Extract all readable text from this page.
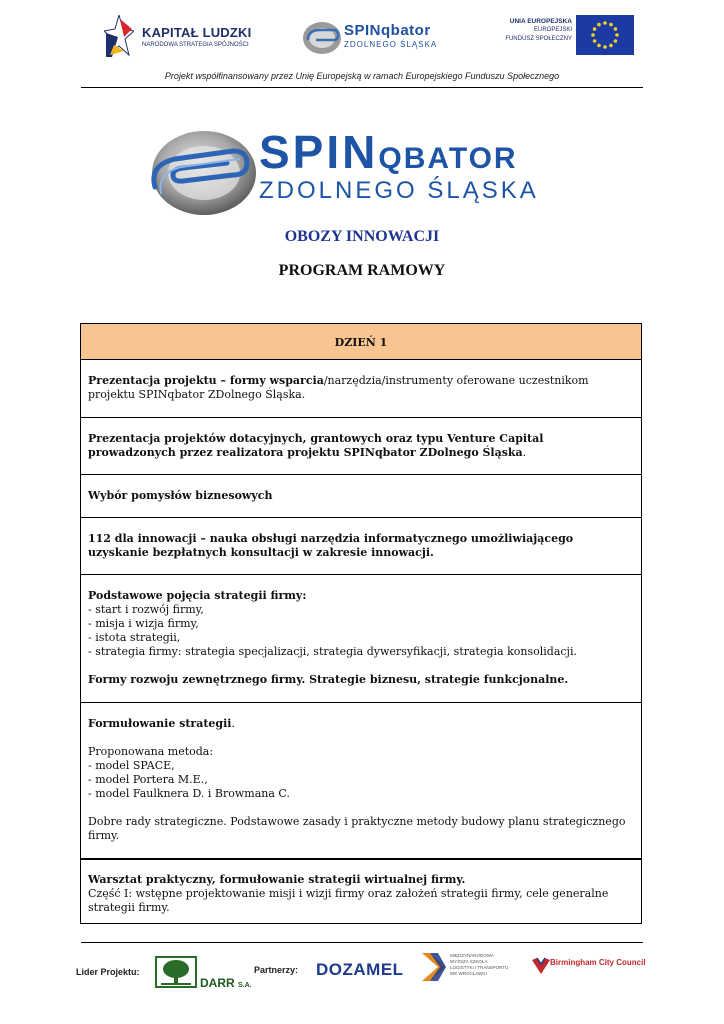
KAPITAŁ LUDZKI
NARODOWA STRATEGIA SPÓJNOŚCI
SPINqbator
ZDOLNEGO ŚLĄSKA
UNIA EUROPEJSKA
EUROPEJSKI
FUNDUSZ SPOŁECZNY
Projekt współfinansowany przez Unię Europejską w ramach Europejskiego Funduszu Społecznego
SPINQBATOR
ZDOLNEGO ŚLĄSKA
OBOZY INNOWACJI
PROGRAM RAMOWY
DZIEŃ 1

Prezentacja projektu – formy wsparcia/narzędzia/instrumenty oferowane uczestnikom projektu SPINqbator ZDolnego Śląska.

Prezentacja projektów dotacyjnych, grantowych oraz typu Venture Capital prowadzonych przez realizatora projektu SPINqbator ZDolnego Śląska.

Wybór pomysłów biznesowych

112 dla innowacji – nauka obsługi narzędzia informatycznego umożliwiającego uzyskanie bezpłatnych konsultacji w zakresie innowacji.

Podstawowe pojęcia strategii firmy:

- start i rozwój firmy,

- misja i wizja firmy,

- istota strategii,

- strategia firmy: strategia specjalizacji, strategia dywersyfikacji, strategia konsolidacji.

Formy rozwoju zewnętrznego firmy. Strategie biznesu, strategie funkcjonalne.

Formułowanie strategii.

Proponowana metoda:

- model SPACE,

- model Portera M.E.,

- model Faulknera D. i Browmana C.

Dobre rady strategiczne. Podstawowe zasady i praktyczne metody budowy planu strategicznego firmy.

Warsztat praktyczny, formułowanie strategii wirtualnej firmy.

Część I: wstępne projektowanie misji i wizji firmy oraz założeń strategii firmy, cele generalne strategii firmy.

Lider Projektu:
DARR S.A.
Partnerzy: DOZAMEL
MIĘDZYNARODOWA
WYŻSZA SZKOŁA
LOGISTYKI I TRANSPORTU
WE WROCŁAWIU
Birmingham City Council
